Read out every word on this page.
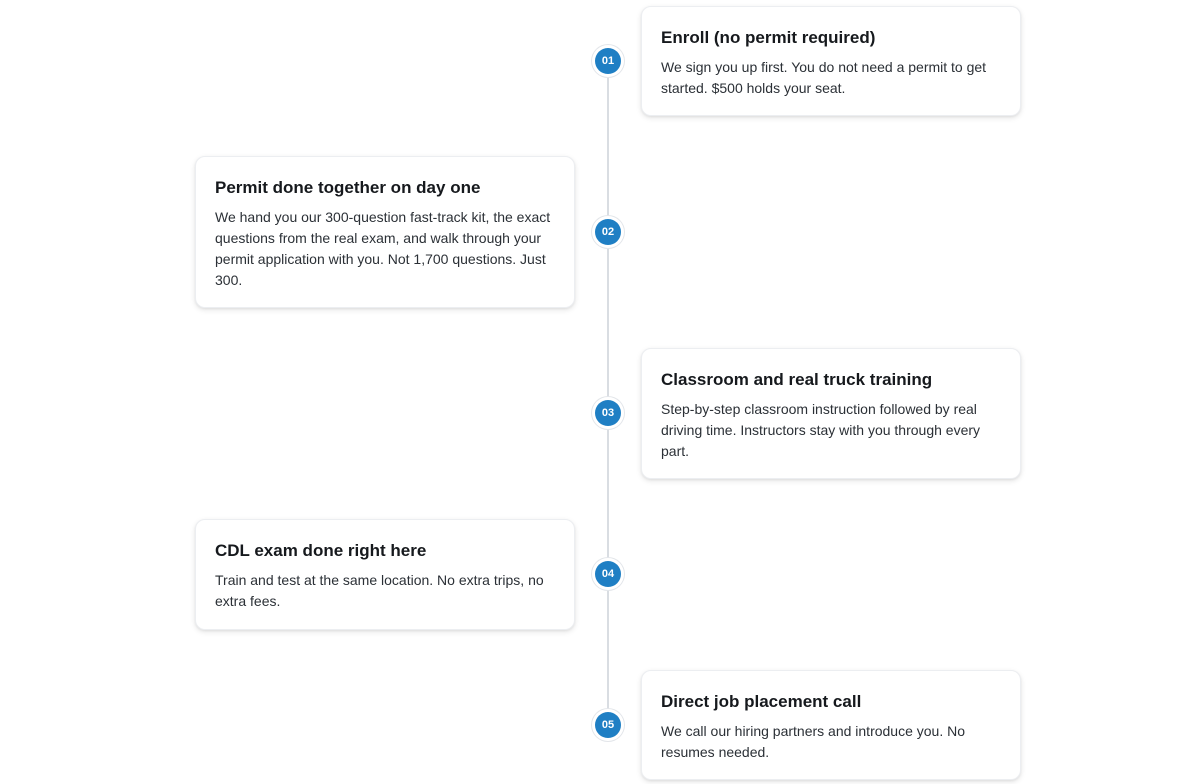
01
Enroll (no permit required)

We sign you up first. You do not need a permit to get started. $500 holds your seat.

02
Permit done together on day one

We hand you our 300-question fast-track kit, the exact questions from the real exam, and walk through your permit application with you. Not 1,700 questions. Just 300.

03
Classroom and real truck training

Step-by-step classroom instruction followed by real driving time. Instructors stay with you through every part.

04
CDL exam done right here

Train and test at the same location. No extra trips, no extra fees.

05
Direct job placement call

We call our hiring partners and introduce you. No resumes needed.
